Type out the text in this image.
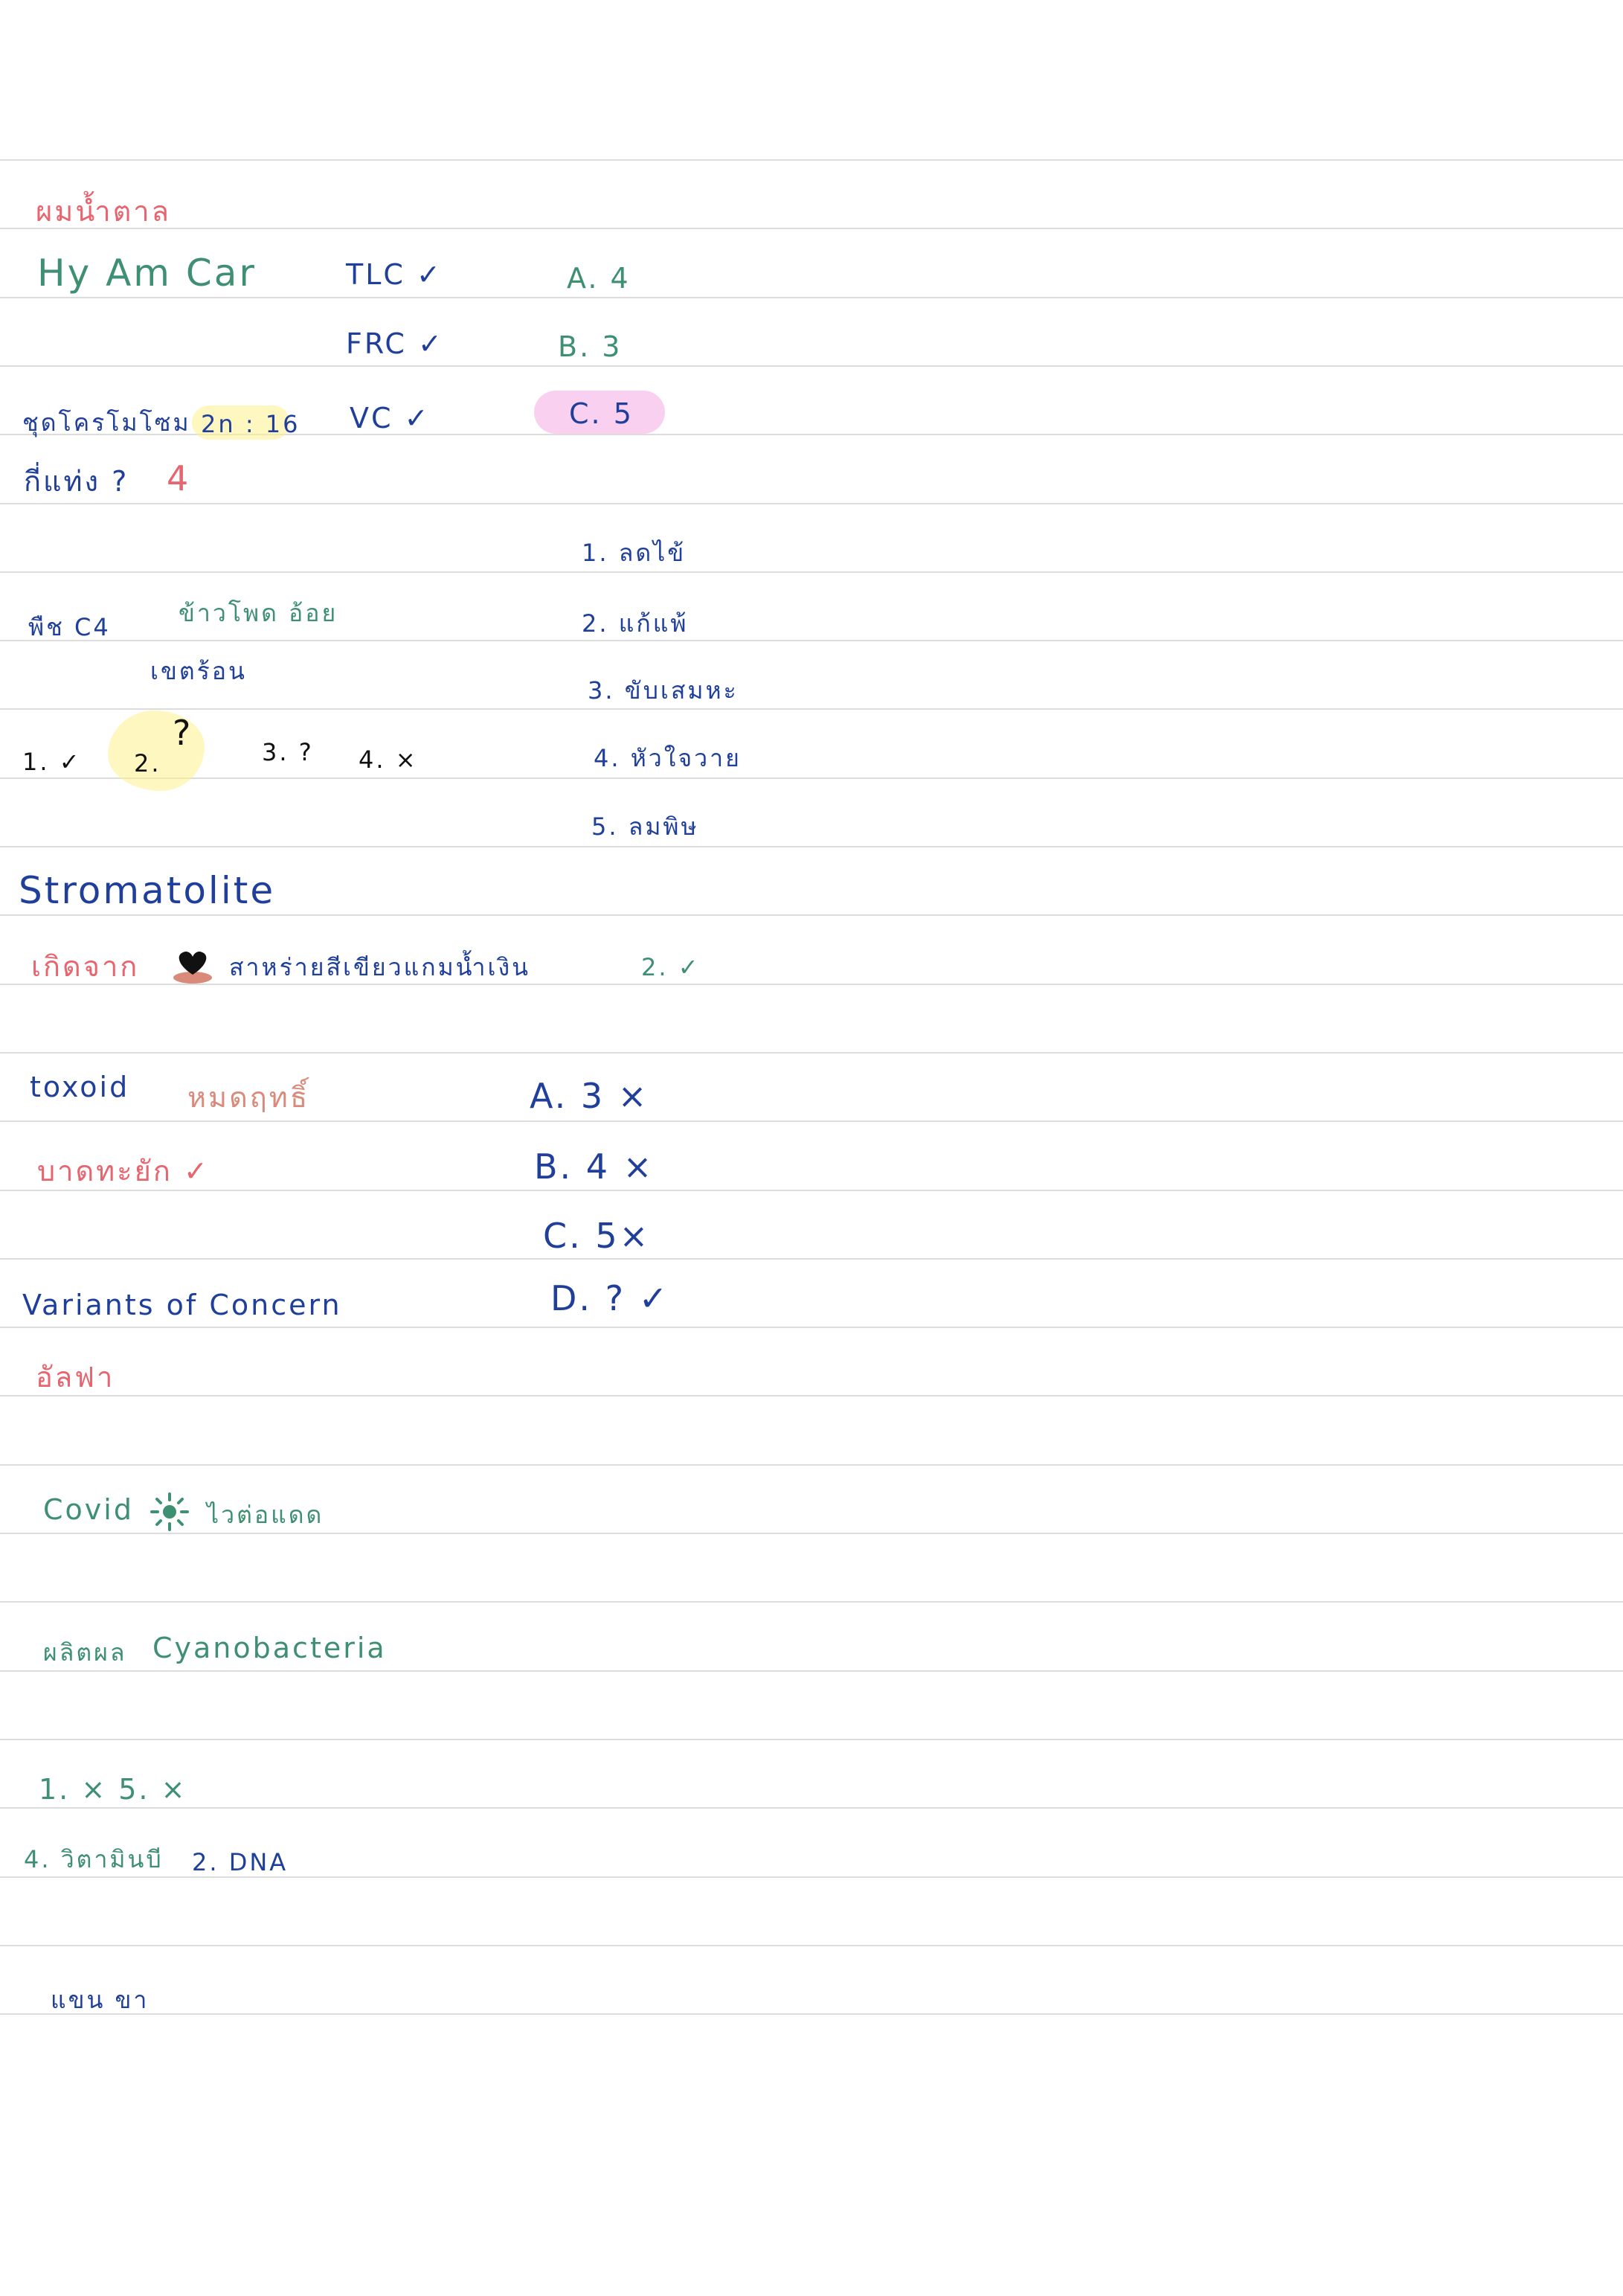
ผมน้ำตาล
Hy Am Car	TLC ✓	A. 4
FRC ✓	B. 3
ชุดโครโมโซม 2n : 16 VC ✓	C. 5
กี่แท่ง ? 4
1. ลดไข้
2. แก้แพ้
3. ขับเสมหะ
4. หัวใจวาย
5. ลมพิษ
พืช C4	ข้าวโพด อ้อย
เขตร้อน
1. ✓ 2.
?	3. ? 4. ×
Stromatolite
เกิดจาก	สาหร่ายสีเขียวแกมน้ำเงิน	2. ✓
toxoid หมดฤทธิ์	A. 3 ×
บาดทะยัก ✓	B. 4 ×
C. 5×
Variants of Concern	D. ? ✓
อัลฟา
Covid	ไวต่อแดด
ผลิตผล Cyanobacteria
1. × 5. ×
4. วิตามินบี 2. DNA
แขน ขา
